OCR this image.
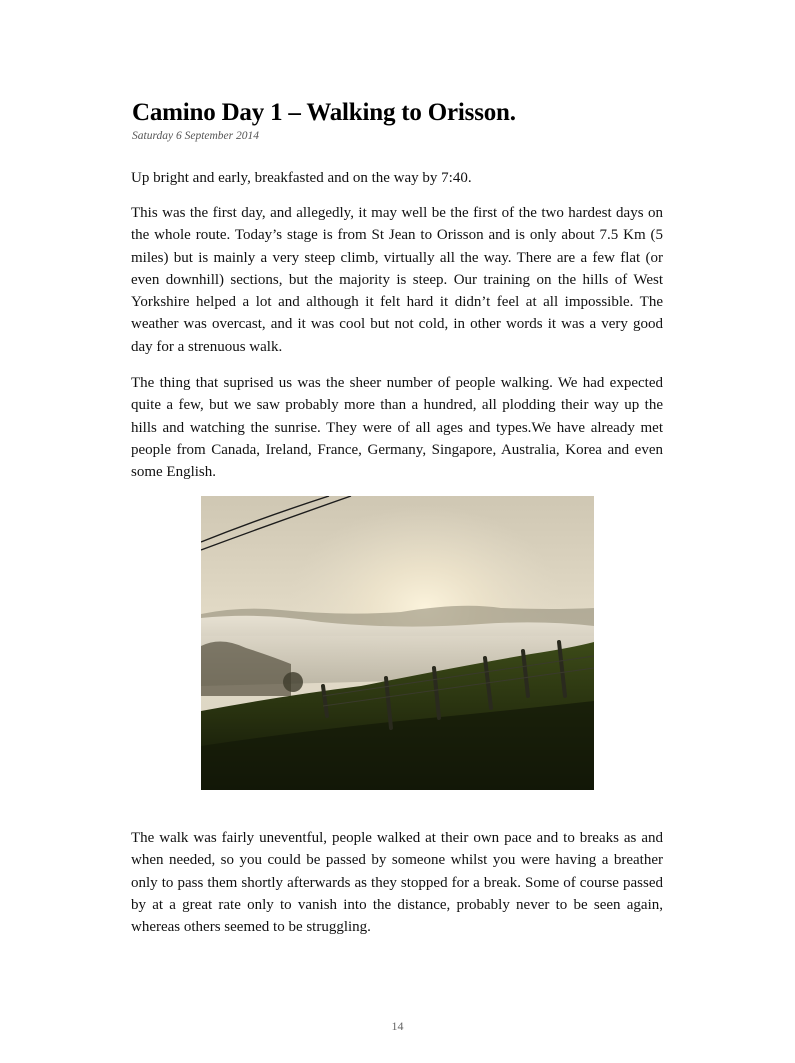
Camino Day 1 – Walking to Orisson.
Saturday 6 September 2014

Up bright and early, breakfasted and on the way by 7:40.

This was the first day, and allegedly, it may well be the first of the two hardest days on the whole route. Today’s stage is from St Jean to Orisson and is only about 7.5 Km (5 miles) but is mainly a very steep climb, virtually all the way. There are a few flat (or even downhill) sections, but the majority is steep. Our training on the hills of West Yorkshire helped a lot and although it felt hard it didn’t feel at all impossible. The weather was overcast, and it was cool but not cold, in other words it was a very good day for a strenuous walk.

The thing that suprised us was the sheer number of people walking. We had expected quite a few, but we saw probably more than a hundred, all plodding their way up the hills and watching the sunrise. They were of all ages and types.We have already met people from Canada, Ireland, France, Germany, Singapore, Australia, Korea and even some English.

The walk was fairly uneventful, people walked at their own pace and to breaks as and when needed, so you could be passed by someone whilst you were having a breather only to pass them shortly afterwards as they stopped for a break. Some of course passed by at a great rate only to vanish into the distance, probably never to be seen again, whereas others seemed to be struggling.

14
